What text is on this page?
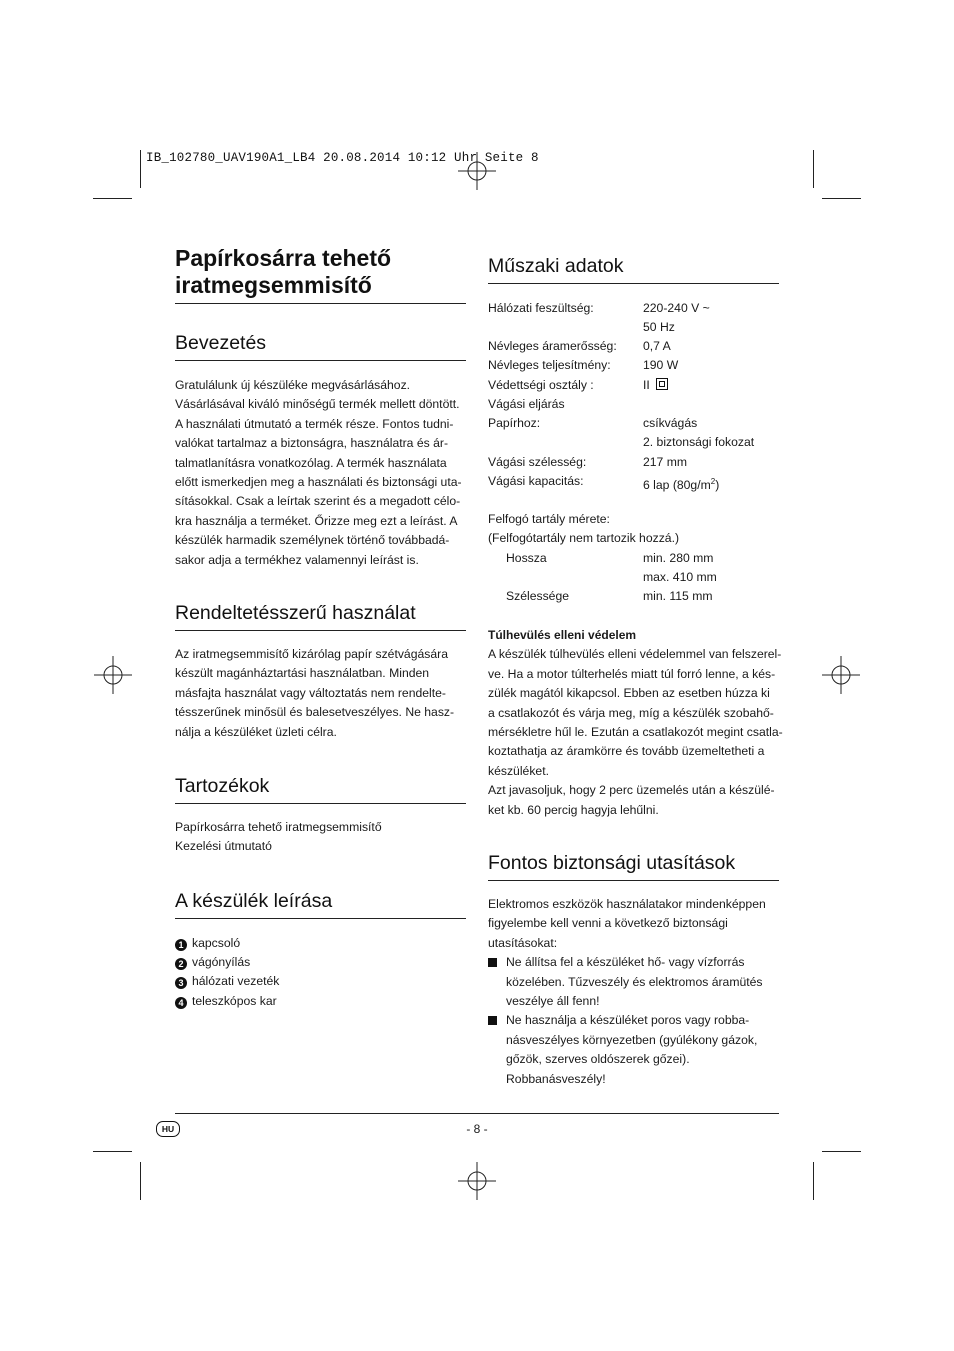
IB_102780_UAV190A1_LB4 20.08.2014 10:12 Uhr Seite 8
Papírkosárra tehető
iratmegsemmisítő
Bevezetés

Gratulálunk új készüléke megvásárlásához.

Vásárlásával kiváló minőségű termék mellett döntött.

A használati útmutató a termék része. Fontos tudni-

valókat tartalmaz a biztonságra, használatra és ár-

talmatlanításra vonatkozólag. A termék használata

előtt ismerkedjen meg a használati és biztonsági uta-

sításokkal. Csak a leírtak szerint és a megadott célo-

kra használja a terméket. Őrizze meg ezt a leírást. A

készülék harmadik személynek történő továbbadá-

sakor adja a termékhez valamennyi leírást is.

Rendeltetésszerű használat

Az iratmegsemmisítő kizárólag papír szétvágására

készült magánháztartási használatban. Minden

másfajta használat vagy változtatás nem rendelte-

tésszerűnek minősül és balesetveszélyes. Ne hasz-

nálja a készüléket üzleti célra.

Tartozékok

Papírkosárra tehető iratmegsemmisítő

Kezelési útmutató

A készülék leírása
1 kapcsoló
2 vágónyílás
3 hálózati vezeték
4 teleszkópos kar
Műszaki adatok
Hálózati feszültség:	220-240 V ~
50 Hz
Névleges áramerősség: 0,7 A
Névleges teljesítmény:	190 W
Védettségi osztály :	II
Vágási eljárás
Papírhoz:	csíkvágás
2. biztonsági fokozat
Vágási szélesség:	217 mm
Vágási kapacitás:	6 lap $(80g/m^2)$
Felfogó tartály mérete:
(Felfogótartály nem tartozik hozzá.)
Hossza	min. 280 mm
max. 410 mm
Szélessége	min. 115 mm

Túlhevülés elleni védelem

A készülék túlhevülés elleni védelemmel van felszerel-

ve. Ha a motor túlterhelés miatt túl forró lenne, a kés-

zülék magától kikapcsol. Ebben az esetben húzza ki

a csatlakozót és várja meg, míg a készülék szobahő-

mérsékletre hűl le. Ezután a csatlakozót megint csatla-

koztathatja az áramkörre és tovább üzemeltetheti a

készüléket.

Azt javasoljuk, hogy 2 perc üzemelés után a készülé-

ket kb. 60 percig hagyja lehűlni.

Fontos biztonsági utasítások

Elektromos eszközök használatakor mindenképpen

figyelembe kell venni a következő biztonsági

utasításokat:

Ne állítsa fel a készüléket hő- vagy vízforrás

közelében. Tűzveszély és elektromos áramütés

veszélye áll fenn!

Ne használja a készüléket poros vagy robba-

násveszélyes környezetben (gyúlékony gázok,

gőzök, szerves oldószerek gőzei).

Robbanásveszély!

HU	- 8 -
